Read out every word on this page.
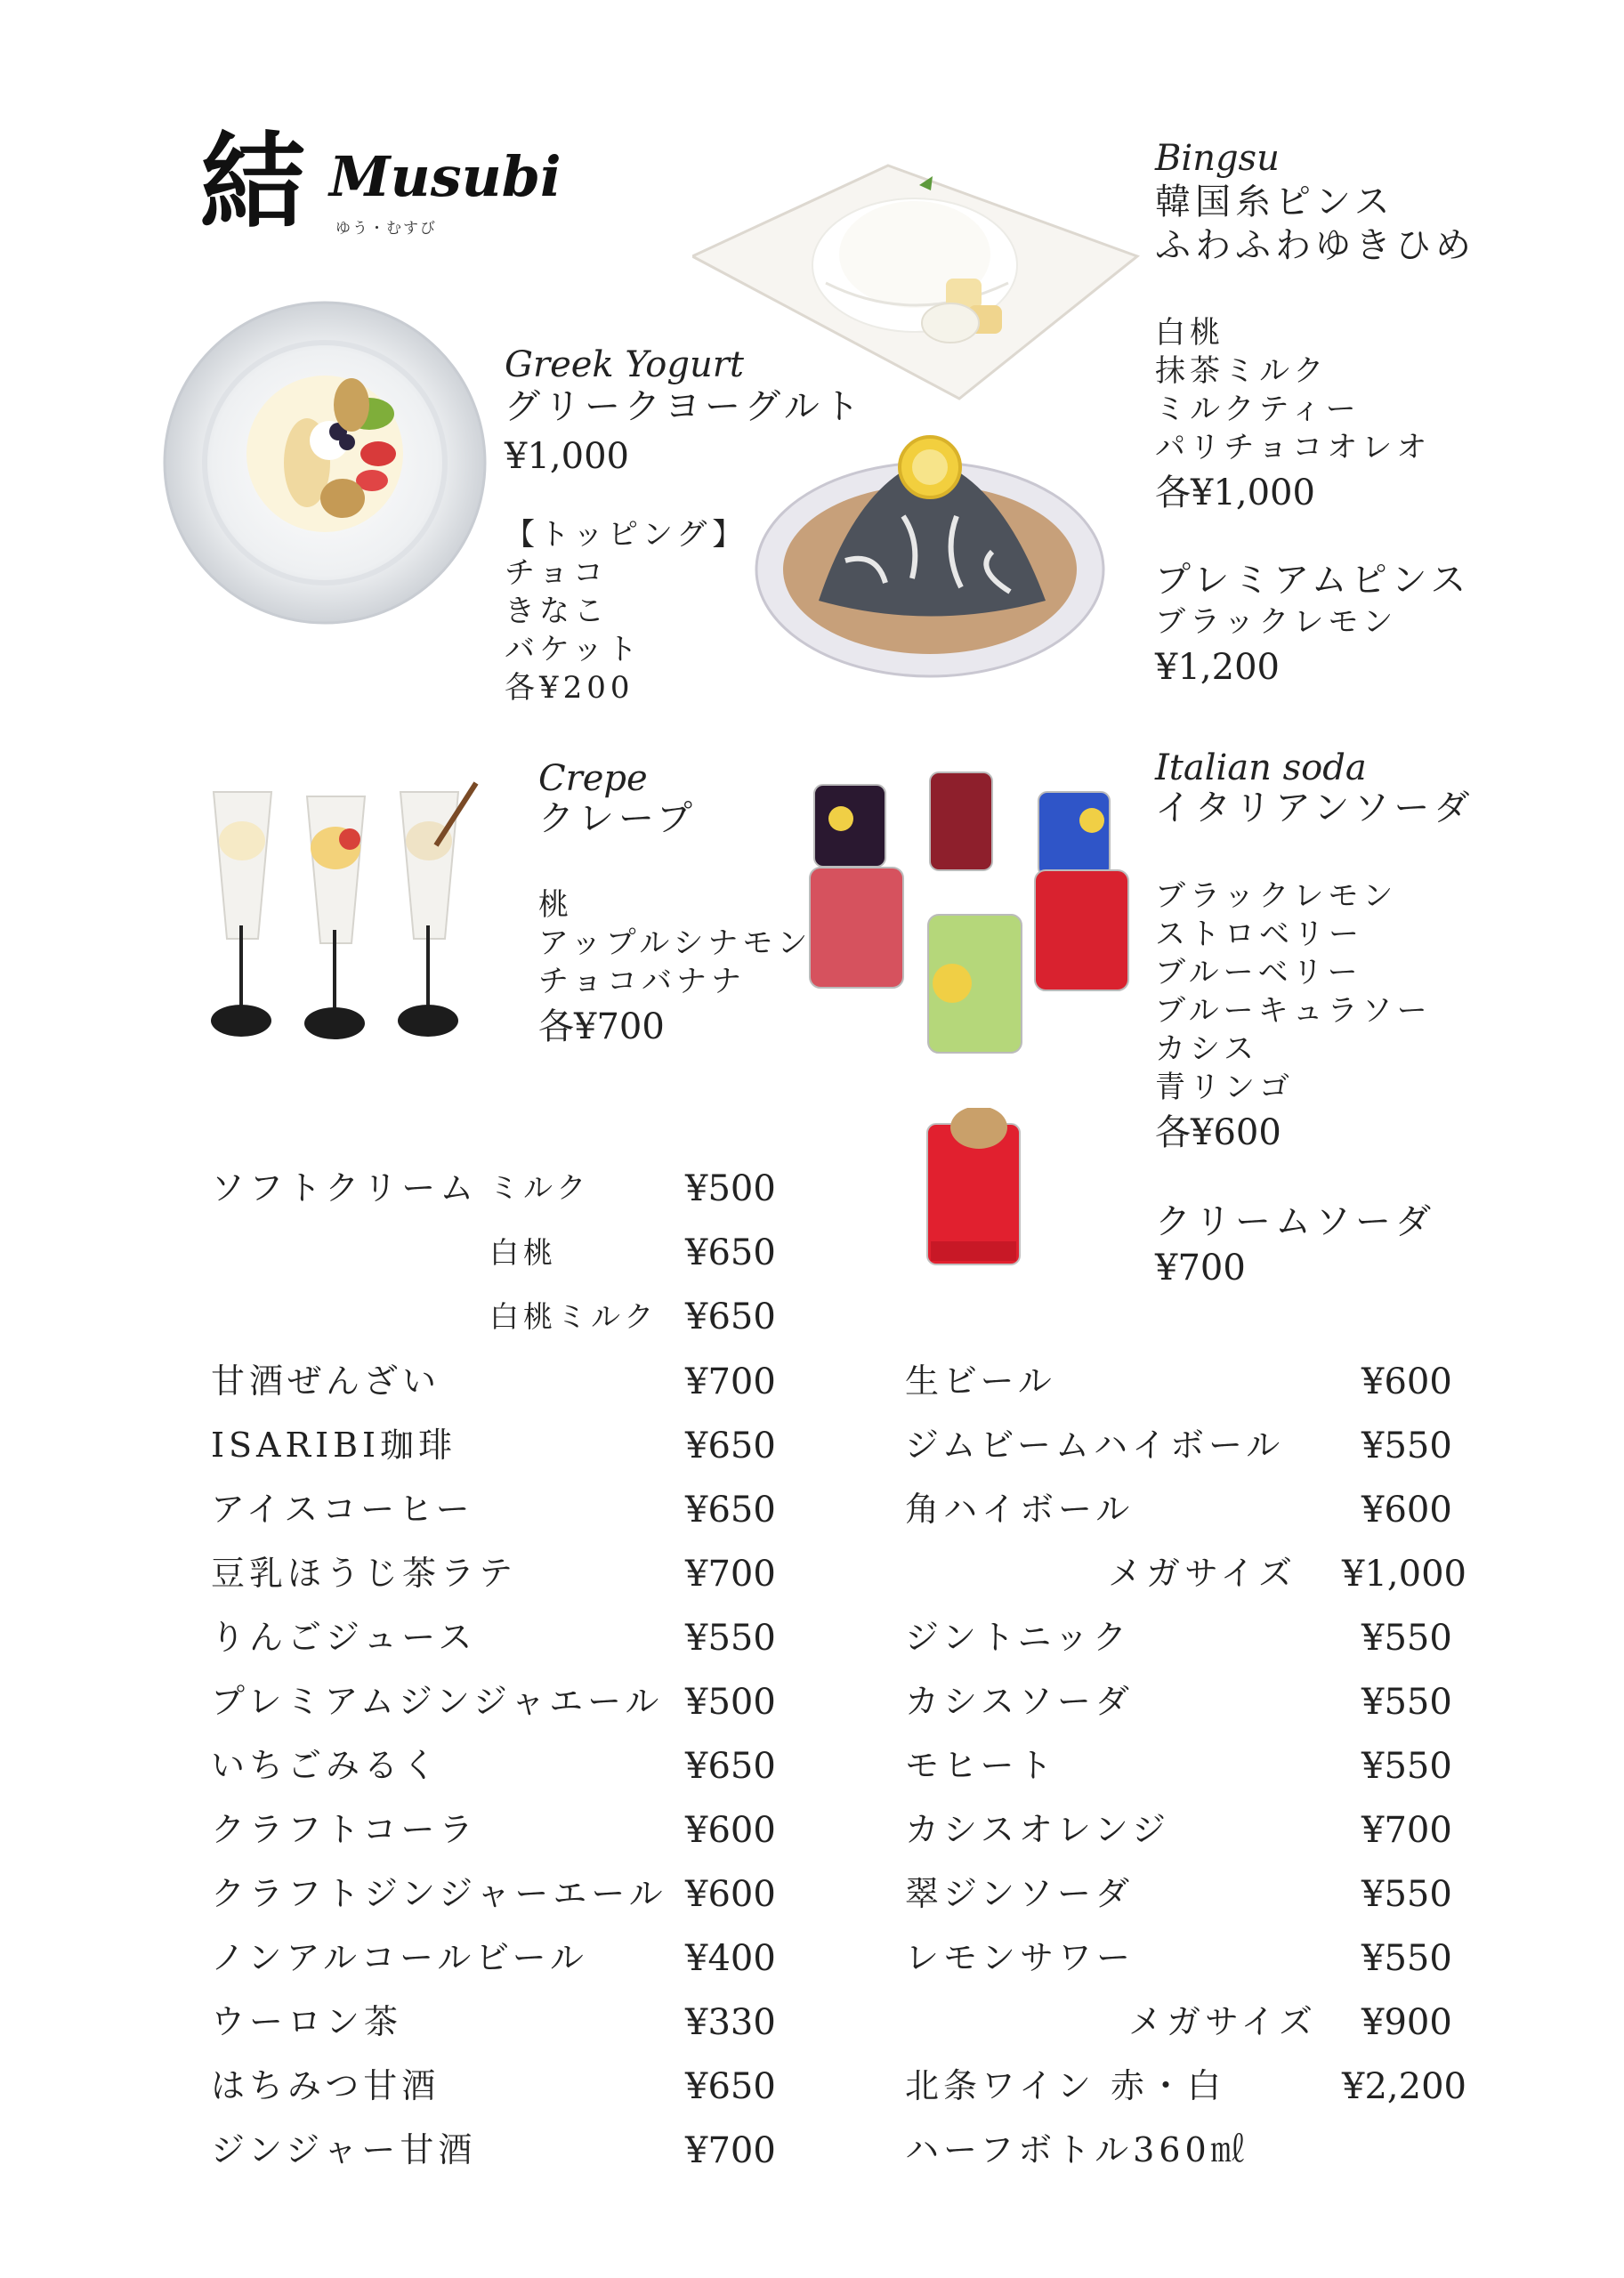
結 Musubi
ゆう・むすび
Greek Yogurt
グリークヨーグルト
¥1,000
【トッピング】
チョコ
きなこ
バケット
各¥200
Bingsu
韓国糸ピンス
ふわふわゆきひめ
白桃
抹茶ミルク
ミルクティー
パリチョコオレオ
各¥1,000
プレミアムピンス
ブラックレモン
¥1,200
Crepe
クレープ
桃
アップルシナモン
チョコバナナ
各¥700
Italian soda
イタリアンソーダ
ブラックレモン
ストロベリー
ブルーベリー
ブルーキュラソー
カシス
青リンゴ
各¥600
クリームソーダ
¥700
ソフトクリーム ミルク	¥500
白桃	¥650
白桃ミルク ¥650
甘酒ぜんざい	¥700
ISARIBI珈琲	¥650
アイスコーヒー	¥650
豆乳ほうじ茶ラテ	¥700
りんごジュース	¥550
プレミアムジンジャエール ¥500
いちごみるく	¥650
クラフトコーラ	¥600
クラフトジンジャーエール ¥600
ノンアルコールビール	¥400
ウーロン茶	¥330
はちみつ甘酒	¥650
ジンジャー甘酒	¥700
生ビール	¥600
ジムビームハイボール ¥550
角ハイボール	¥600
メガサイズ ¥1,000
ジントニック	¥550
カシスソーダ	¥550
モヒート	¥550
カシスオレンジ	¥700
翠ジンソーダ	¥550
レモンサワー	¥550
メガサイズ ¥900
北条ワイン 赤・白	¥2,200
ハーフボトル360㎖
